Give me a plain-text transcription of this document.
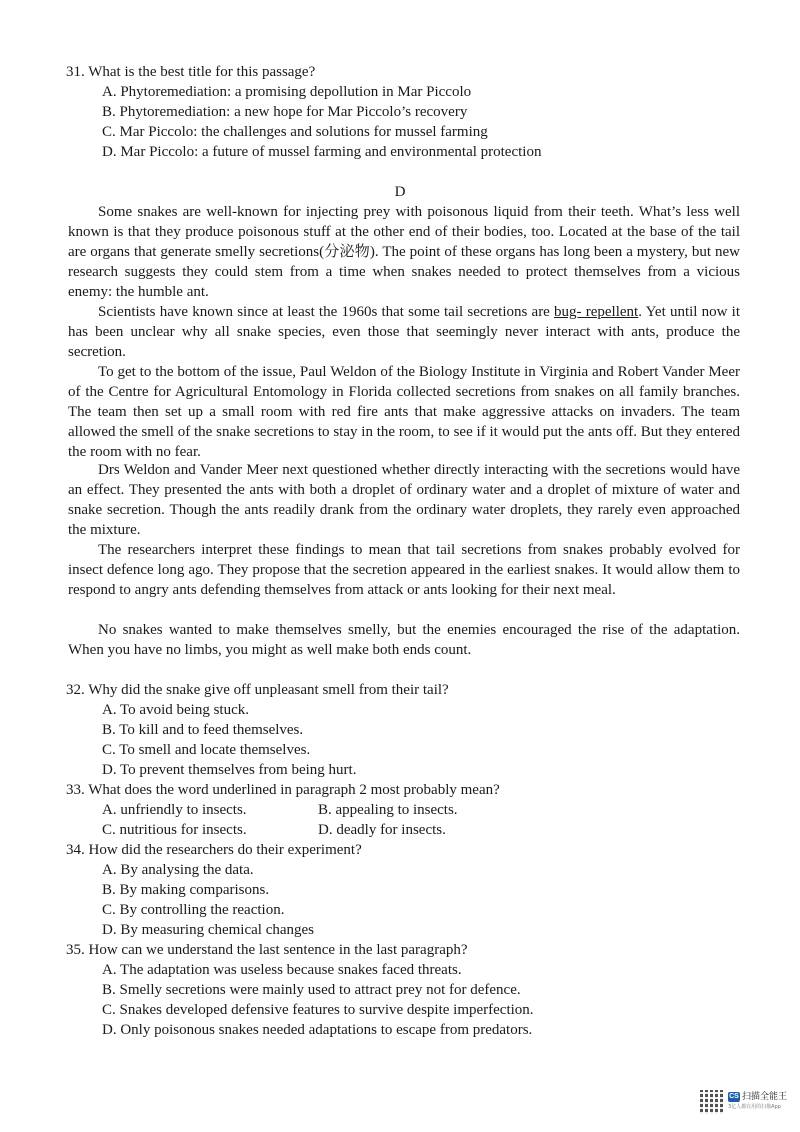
31. What is the best title for this passage?
A. Phytoremediation: a promising depollution in Mar Piccolo
B. Phytoremediation: a new hope for Mar Piccolo’s recovery
C. Mar Piccolo: the challenges and solutions for mussel farming
D. Mar Piccolo: a future of mussel farming and environmental protection
D
Some snakes are well-known for injecting prey with poisonous liquid from their teeth. What’s less well known is that they produce poisonous stuff at the other end of their bodies, too. Located at the base of the tail are organs that generate smelly secretions(分泌物). The point of these organs has long been a mystery, but new research suggests they could stem from a time when snakes needed to protect themselves from a vicious enemy: the humble ant.
Scientists have known since at least the 1960s that some tail secretions are bug- repellent. Yet until now it has been unclear why all snake species, even those that seemingly never interact with ants, produce the secretion.
To get to the bottom of the issue, Paul Weldon of the Biology Institute in Virginia and Robert Vander Meer of the Centre for Agricultural Entomology in Florida collected secretions from snakes on all family branches. The team then set up a small room with red fire ants that make aggressive attacks on invaders. The team allowed the smell of the snake secretions to stay in the room, to see if it would put the ants off. But they entered the room with no fear.
Drs Weldon and Vander Meer next questioned whether directly interacting with the secretions would have an effect. They presented the ants with both a droplet of ordinary water and a droplet of mixture of water and snake secretion. Though the ants readily drank from the ordinary water droplets, they rarely even approached the mixture.
The researchers interpret these findings to mean that tail secretions from snakes probably evolved for insect defence long ago. They propose that the secretion appeared in the earliest snakes. It would allow them to respond to angry ants defending themselves from attack or ants looking for their next meal.
No snakes wanted to make themselves smelly, but the enemies encouraged the rise of the adaptation. When you have no limbs, you might as well make both ends count.
32. Why did the snake give off unpleasant smell from their tail?
A. To avoid being stuck.
B. To kill and to feed themselves.
C. To smell and locate themselves.
D. To prevent themselves from being hurt.
33. What does the word underlined in paragraph 2 most probably mean?
A. unfriendly to insects.	B. appealing to insects.
C. nutritious for insects.	D. deadly for insects.
34. How did the researchers do their experiment?
A. By analysing the data.
B. By making comparisons.
C. By controlling the reaction.
D. By measuring chemical changes
35. How can we understand the last sentence in the last paragraph?
A. The adaptation was useless because snakes faced threats.
B. Smelly secretions were mainly used to attract prey not for defence.
C. Snakes developed defensive features to survive despite imperfection.
D. Only poisonous snakes needed adaptations to escape from predators.
CS 扫描全能王
3亿人都在用的扫描App
